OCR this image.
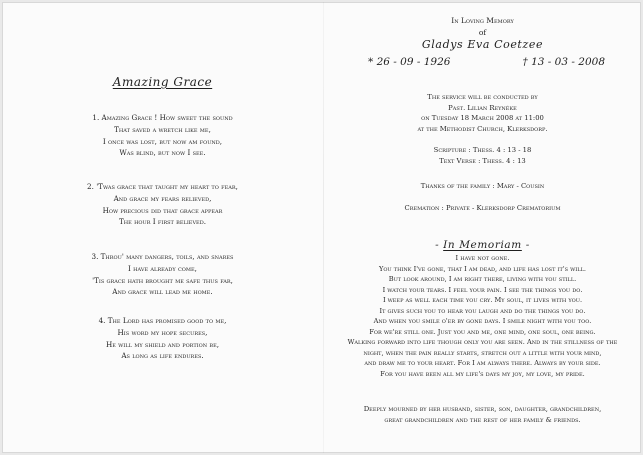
Amazing Grace
1. Amazing Grace ! How sweet the sound
That saved a wretch like me,
I once was lost, but now am found,
Was blind, but now I see.
2. 'Twas grace that taught my heart to fear,
And grace my fears relieved,
How precious did that grace appear
The hour I first believed.
3. Throu' many dangers, toils, and snares
I have already come,
'Tis grace hath brought me safe thus far,
And grace will lead me home.
4. The Lord has promised good to me,
His word my hope secures,
He will my shield and portion be,
As long as life endures.
In Loving Memory
of
Gladys Eva Coetzee
* 26 - 09 - 1926	† 13 - 03 - 2008
The service will be conducted by
Past. Lilian Reynéke
on Tuesday 18 March 2008 at 11:00
at the Methodist Church, Klerksdorp.
Scripture : Thess. 4 : 13 - 18
Text Verse : Thess. 4 : 13
Thanks of the family : Mary - Cousin
Cremation : Private - Klerksdorp Crematorium
- In Memoriam -
I have not gone.
You think I've gone, that I am dead, and life has lost it's will.
But look around, I am right there, living with you still.
I watch your tears. I feel your pain. I see the things you do.
I weep as well each time you cry. My soul, it lives with you.
It gives such you to hear you laugh and do the things you do.
And when you smile o'er by gone days. I smile night with you too.
For we're still one. Just you and me, one mind, one soul, one being.
Walking forward into life though only you are seen. And in the stillness of the
night, when the pain really starts, stretch out a little with your mind,
and draw me to your heart. For I am always there. Always by your side.
For you have been all my life's days my joy, my love, my pride.
Deeply mourned by her husband, sister, son, daughter, grandchildren,
great grandchildren and the rest of her family & friends.
